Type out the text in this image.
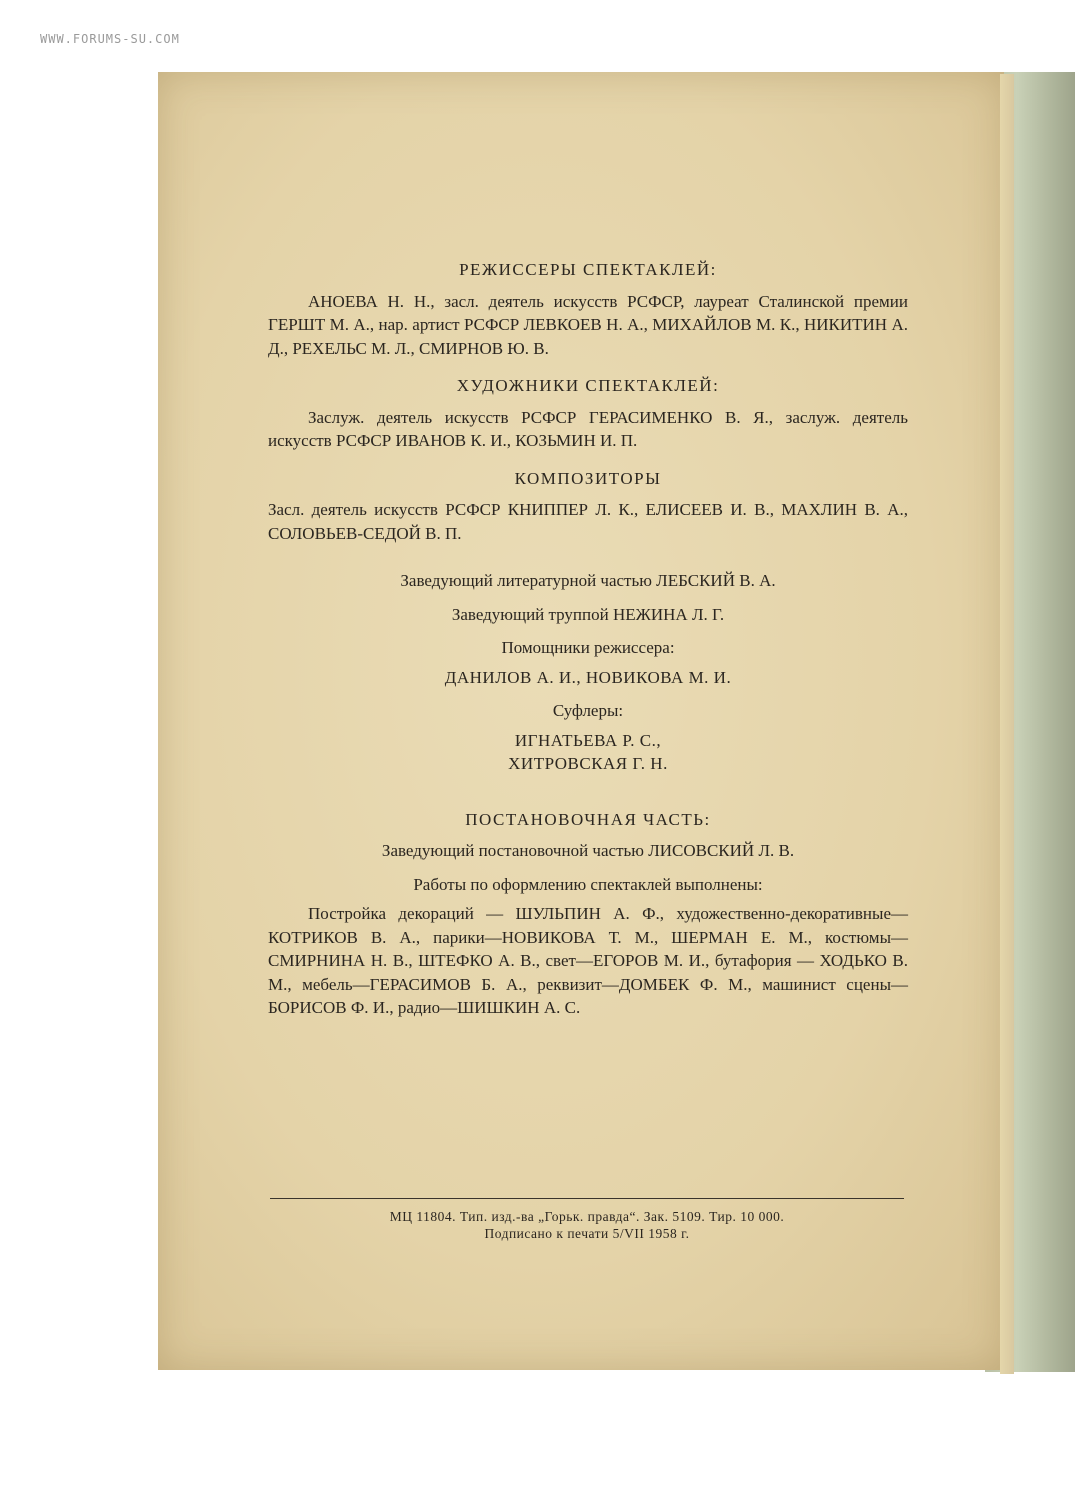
WWW.FORUMS-SU.COM
РЕЖИССЕРЫ СПЕКТАКЛЕЙ:
АНОЕВА Н. Н., засл. деятель искусств РСФСР, лауреат Сталинской премии ГЕРШТ М. А., нар. артист РСФСР ЛЕВКОЕВ Н. А., МИХАЙЛОВ М. К., НИКИТИН А. Д., РЕХЕЛЬС М. Л., СМИРНОВ Ю. В.
ХУДОЖНИКИ СПЕКТАКЛЕЙ:
Заслуж. деятель искусств РСФСР ГЕРАСИМЕНКО В. Я., заслуж. деятель искусств РСФСР ИВАНОВ К. И., КОЗЬМИН И. П.
КОМПОЗИТОРЫ
Засл. деятель искусств РСФСР КНИППЕР Л. К., ЕЛИСЕЕВ И. В., МАХЛИН В. А., СОЛОВЬЕВ-СЕДОЙ В. П.
Заведующий литературной частью ЛЕБСКИЙ В. А.
Заведующий труппой НЕЖИНА Л. Г.
Помощники режиссера:
ДАНИЛОВ А. И., НОВИКОВА М. И.
Суфлеры:
ИГНАТЬЕВА Р. С.,
ХИТРОВСКАЯ Г. Н.
ПОСТАНОВОЧНАЯ ЧАСТЬ:
Заведующий постановочной частью ЛИСОВСКИЙ Л. В.
Работы по оформлению спектаклей выполнены:
Постройка декораций — ШУЛЬПИН А. Ф., художественно-декоративные—КОТРИКОВ В. А., парики—НОВИКОВА Т. М., ШЕРМАН Е. М., костюмы—СМИРНИНА Н. В., ШТЕФКО А. В., свет—ЕГОРОВ М. И., бутафория — ХОДЬКО В. М., мебель—ГЕРАСИМОВ Б. А., реквизит—ДОМБЕК Ф. М., машинист сцены—БОРИСОВ Ф. И., радио—ШИШКИН А. С.
МЦ 11804. Тип. изд.-ва „Горьк. правда“. Зак. 5109. Тир. 10 000.
Подписано к печати 5/VII 1958 г.
